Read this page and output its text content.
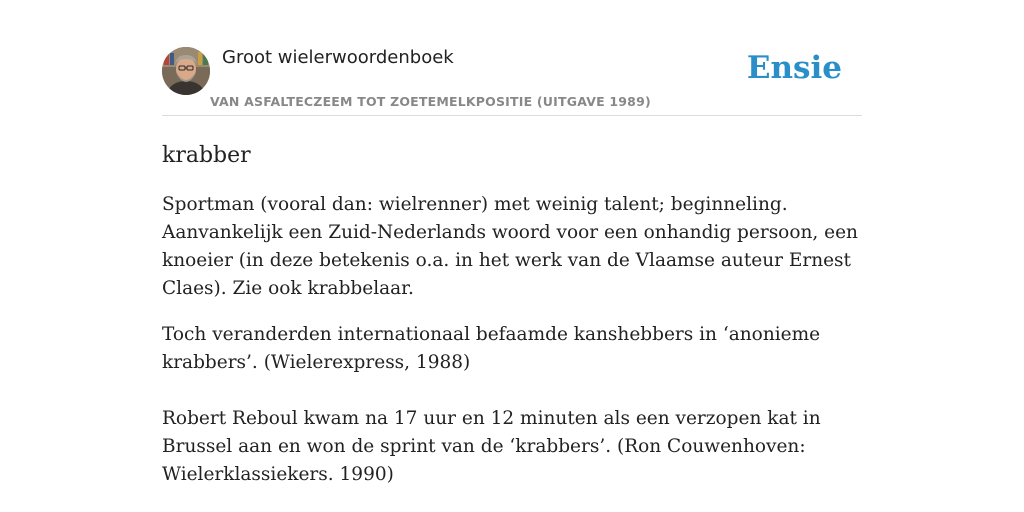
Groot wielerwoordenboek
VAN ASFALTECZEEM TOT ZOETEMELKPOSITIE (UITGAVE 1989)
Ensie
krabber

Sportman (vooral dan: wielrenner) met weinig talent; beginneling. Aanvankelijk een Zuid-Nederlands woord voor een onhandig persoon, een knoeier (in deze betekenis o.a. in het werk van de Vlaamse auteur Ernest Claes). Zie ook krabbelaar.

Toch veranderden internationaal befaamde kanshebbers in ‘anonieme krabbers’. (Wielerexpress, 1988)

Robert Reboul kwam na 17 uur en 12 minuten als een verzopen kat in Brussel aan en won de sprint van de ‘krabbers’. (Ron Couwenhoven: Wielerklassiekers. 1990)
